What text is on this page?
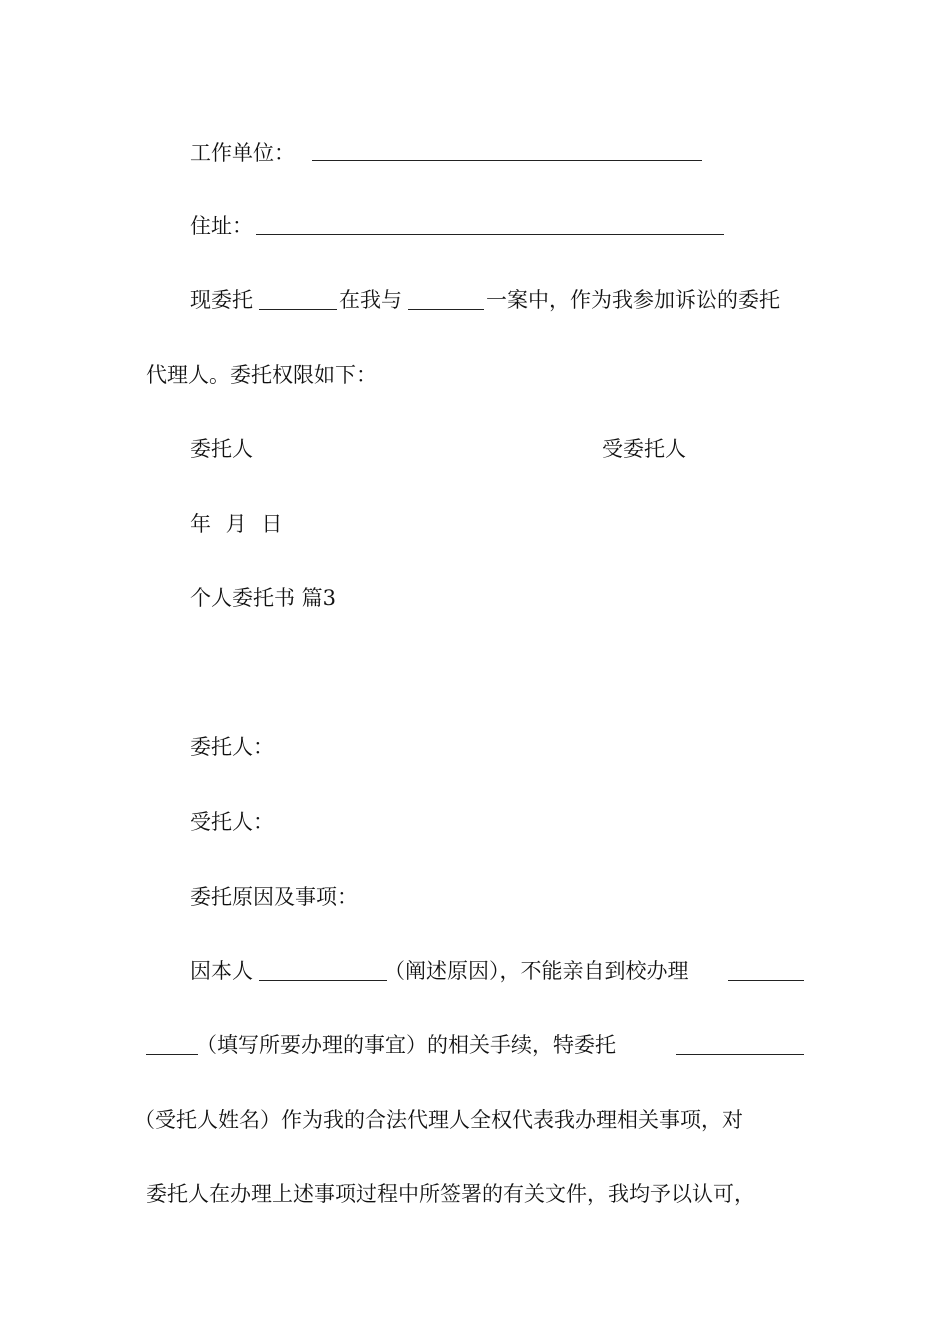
工作单位：
住址：
现委托	在我与	一案中，作为我参加诉讼的委托
代理人。委托权限如下：
委托人	受委托人
年 月 日
个人委托书 篇3
委托人：
受托人：
委托原因及事项：
因本人	（阐述原因），不能亲自到校办理
（填写所要办理的事宜）的相关手续，特委托
（受托人姓名）作为我的合法代理人全权代表我办理相关事项，对
委托人在办理上述事项过程中所签署的有关文件，我均予以认可，
